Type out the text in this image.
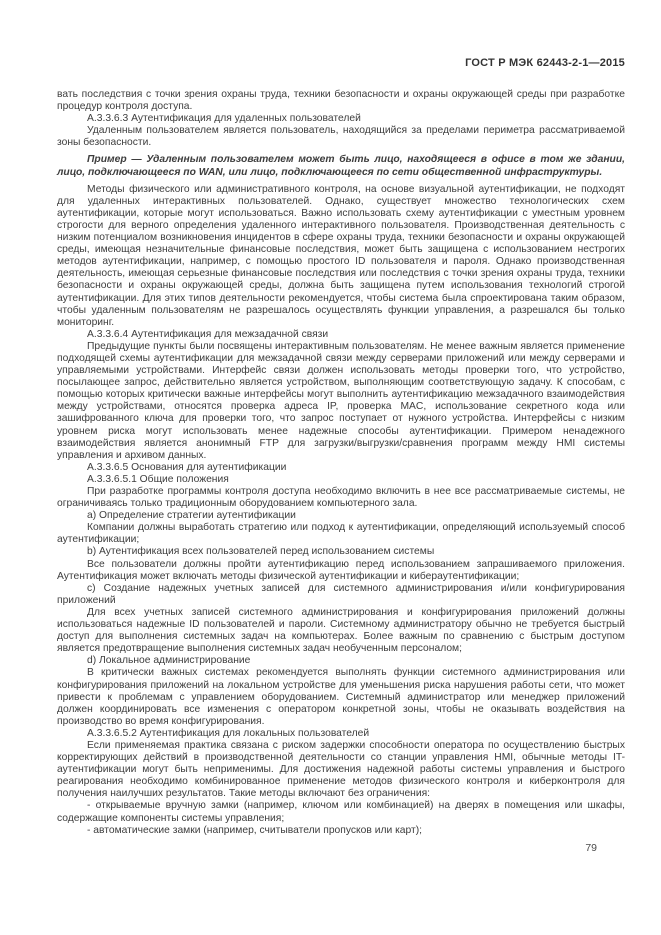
ГОСТ Р МЭК 62443-2-1—2015

вать последствия с точки зрения охраны труда, техники безопасности и охраны окружающей среды при разработке процедур контроля доступа.

А.3.3.6.3 Аутентификация для удаленных пользователей

Удаленным пользователем является пользователь, находящийся за пределами периметра рассматриваемой зоны безопасности.

Пример — Удаленным пользователем может быть лицо, находящееся в офисе в том же здании, лицо, подключающееся по WAN, или лицо, подключающееся по сети общественной инфраструктуры.

Методы физического или административного контроля, на основе визуальной аутентификации, не подходят для удаленных интерактивных пользователей. Однако, существует множество технологических схем аутентификации, которые могут использоваться. Важно использовать схему аутентификации с уместным уровнем строгости для верного определения удаленного интерактивного пользователя. Производственная деятельность с низким потенциалом возникновения инцидентов в сфере охраны труда, техники безопасности и охраны окружающей среды, имеющая незначительные финансовые последствия, может быть защищена с использованием нестрогих методов аутентификации, например, с помощью простого ID пользователя и пароля. Однако производственная деятельность, имеющая серьезные финансовые последствия или последствия с точки зрения охраны труда, техники безопасности и охраны окружающей среды, должна быть защищена путем использования технологий строгой аутентификации. Для этих типов деятельности рекомендуется, чтобы система была спроектирована таким образом, чтобы удаленным пользователям не разрешалось осуществлять функции управления, а разрешался бы только мониторинг.

А.3.3.6.4 Аутентификация для межзадачной связи

Предыдущие пункты были посвящены интерактивным пользователям. Не менее важным является применение подходящей схемы аутентификации для межзадачной связи между серверами приложений или между серверами и управляемыми устройствами. Интерфейс связи должен использовать методы проверки того, что устройство, посылающее запрос, действительно является устройством, выполняющим соответствующую задачу. К способам, с помощью которых критически важные интерфейсы могут выполнить аутентификацию межзадачного взаимодействия между устройствами, относятся проверка адреса IP, проверка MAC, использование секретного кода или зашифрованного ключа для проверки того, что запрос поступает от нужного устройства. Интерфейсы с низким уровнем риска могут использовать менее надежные способы аутентификации. Примером ненадежного взаимодействия является анонимный FTP для загрузки/выгрузки/сравнения программ между HMI системы управления и архивом данных.

А.3.3.6.5 Основания для аутентификации

А.3.3.6.5.1 Общие положения

При разработке программы контроля доступа необходимо включить в нее все рассматриваемые системы, не ограничиваясь только традиционным оборудованием компьютерного зала.

a) Определение стратегии аутентификации

Компании должны выработать стратегию или подход к аутентификации, определяющий используемый способ аутентификации;

b) Аутентификация всех пользователей перед использованием системы

Все пользователи должны пройти аутентификацию перед использованием запрашиваемого приложения. Аутентификация может включать методы физической аутентификации и кибераутентификации;

c) Создание надежных учетных записей для системного администрирования и/или конфигурирования приложений

Для всех учетных записей системного администрирования и конфигурирования приложений должны использоваться надежные ID пользователей и пароли. Системному администратору обычно не требуется быстрый доступ для выполнения системных задач на компьютерах. Более важным по сравнению с быстрым доступом является предотвращение выполнения системных задач необученным персоналом;

d) Локальное администрирование

В критически важных системах рекомендуется выполнять функции системного администрирования или конфигурирования приложений на локальном устройстве для уменьшения риска нарушения работы сети, что может привести к проблемам с управлением оборудованием. Системный администратор или менеджер приложений должен координировать все изменения с оператором конкретной зоны, чтобы не оказывать воздействия на производство во время конфигурирования.

А.3.3.6.5.2 Аутентификация для локальных пользователей

Если применяемая практика связана с риском задержки способности оператора по осуществлению быстрых корректирующих действий в производственной деятельности со станции управления HMI, обычные методы IT-аутентификации могут быть неприменимы. Для достижения надежной работы системы управления и быстрого реагирования необходимо комбинированное применение методов физического контроля и киберконтроля для получения наилучших результатов. Такие методы включают без ограничения:

- открываемые вручную замки (например, ключом или комбинацией) на дверях в помещения или шкафы, содержащие компоненты системы управления;

- автоматические замки (например, считыватели пропусков или карт);

79
